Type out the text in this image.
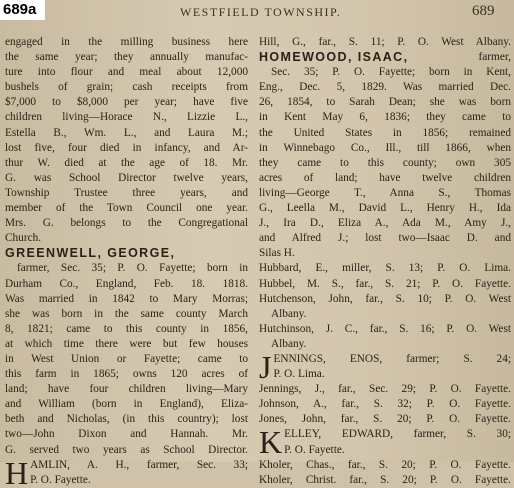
689a	WESTFIELD TOWNSHIP.	689
engaged in the milling business here
the same year; they annually manufac-
ture into flour and meal about 12,000
bushels of grain; cash receipts from
$7,000 to $8,000 per year; have five
children living—Horace N., Lizzie L.,
Estella B., Wm. L., and Laura M.;
lost five, four died in infancy, and Ar-
thur W. died at the age of 18. Mr.
G. was School Director twelve years,
Township Trustee three years, and
member of the Town Council one year.
Mrs. G. belongs to the Congregational
Church.
GREENWELL, GEORGE,
farmer, Sec. 35; P. O. Fayette; born in
Durham Co., England, Feb. 18. 1818.
Was married in 1842 to Mary Morras;
she was born in the same county March
8, 1821; came to this county in 1856,
at which time there were but few houses
in West Union or Fayette; came to
this farm in 1865; owns 120 acres of
land; have four children living—Mary
and William (born in England), Eliza-
beth and Nicholas, (in this country); lost
two—John Dixon and Hannah. Mr.
G. served two years as School Director.
H AMLIN, A. H., farmer, Sec. 33;
P. O. Fayette.
Hill, G., far., S. 11; P. O. West Albany.
HOMEWOOD, ISAAC,	farmer,
Sec. 35; P. O. Fayette; born in Kent,
Eng., Dec. 5, 1829. Was married Dec.
26, 1854, to Sarah Dean; she was born
in Kent May 6, 1836; they came to
the United States in 1856; remained
in Winnebago Co., Ill., till 1866, when
they came to this county; own 305
acres of land; have twelve children
living—George T., Anna S., Thomas
G., Leella M., David L., Henry H., Ida
J., Ira D., Eliza A., Ada M., Amy J.,
and Alfred J.; lost two—Isaac D. and
Silas H.
Hubbard, E., miller, S. 13; P. O. Lima.
Hubbel, M. S., far., S. 21; P. O. Fayette.
Hutchenson, John, far., S. 10; P. O. West
Albany.
Hutchinson, J. C., far., S. 16; P. O. West
Albany.
J ENNINGS, ENOS, farmer; S. 24;
P. O. Lima.
Jennings, J., far., Sec. 29; P. O. Fayette.
Johnson, A., far., S. 32; P. O. Fayette.
Jones, John, far., S. 20; P. O. Fayette.
K ELLEY, EDWARD, farmer, S. 30;
P. O. Fayette.
Kholer, Chas., far., S. 20; P. O. Fayette.
Kholer, Christ. far., S. 20; P. O. Fayette.
